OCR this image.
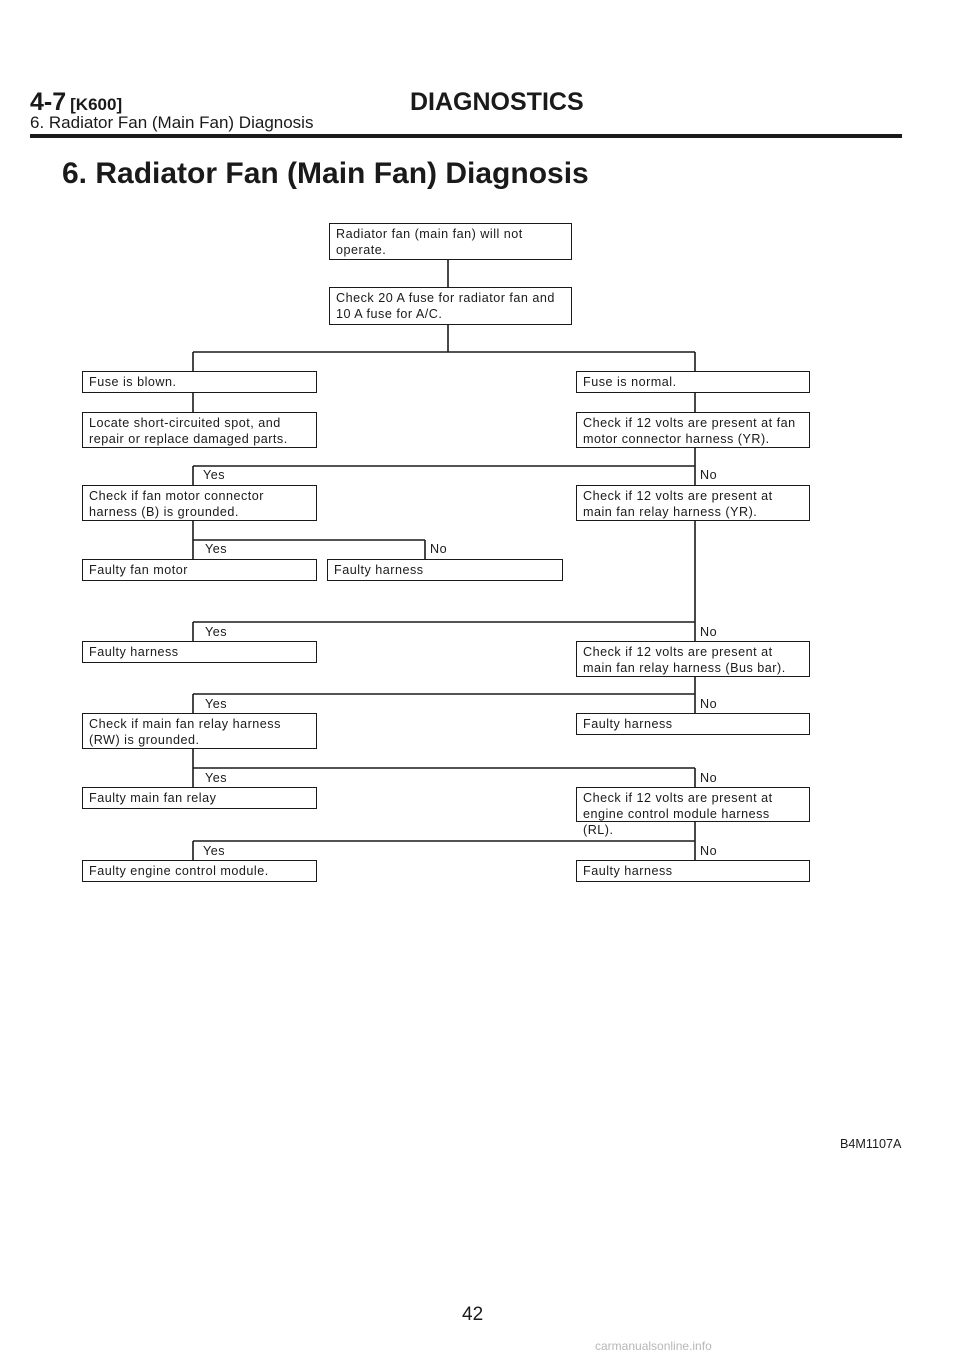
4-7 [K600]	DIAGNOSTICS
6. Radiator Fan (Main Fan) Diagnosis
6. Radiator Fan (Main Fan) Diagnosis
Radiator fan (main fan) will not operate.
Check 20 A fuse for radiator fan and 10 A fuse for A/C.
Fuse is blown.	Fuse is normal.
Locate short-circuited spot, and repair or replace damaged parts.
Check if 12 volts are present at fan motor connector harness (YR).
Yes	No
Check if fan motor connector harness (B) is grounded.
Check if 12 volts are present at main fan relay harness (YR).
Yes	No
Faulty fan motor	Faulty harness
Yes	No
Faulty harness	Check if 12 volts are present at main fan relay harness (Bus bar).
Yes	No
Check if main fan relay harness (RW) is grounded.
Faulty harness
Yes	No
Faulty main fan relay	Check if 12 volts are present at engine control module harness (RL).
Yes	No
Faulty engine control module.	Faulty harness
B4M1107A
42
carmanualsonline.info
